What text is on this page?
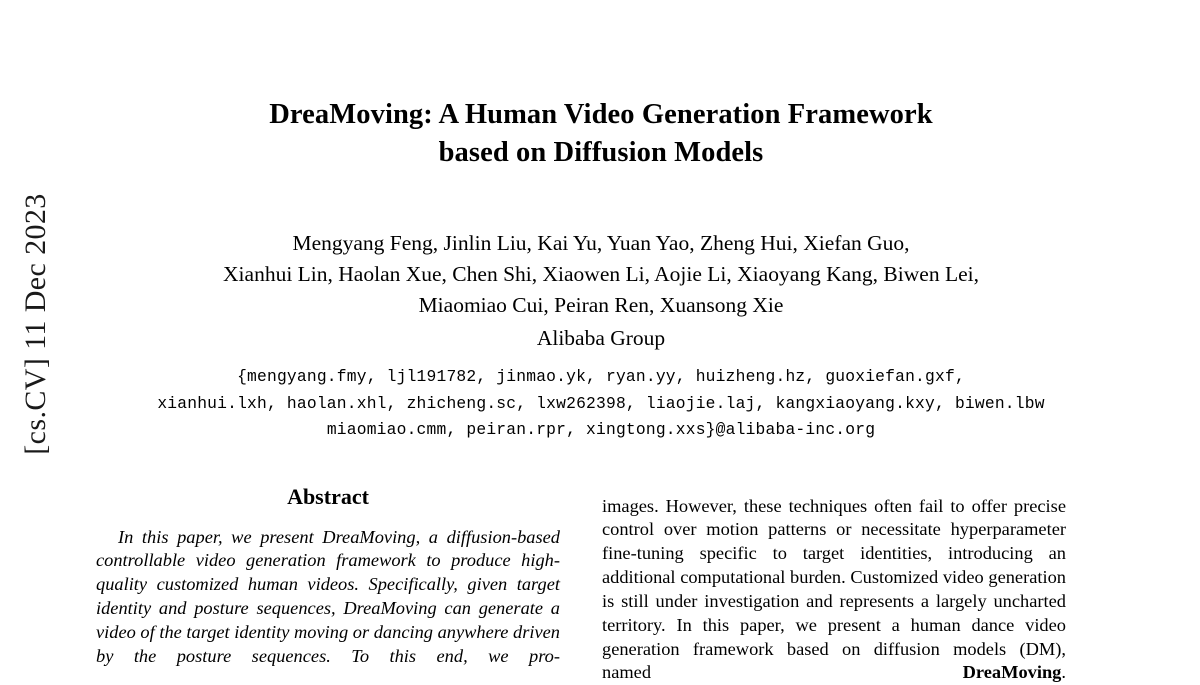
[cs.CV] 11 Dec 2023
DreaMoving: A Human Video Generation Framework
based on Diffusion Models
Mengyang Feng, Jinlin Liu, Kai Yu, Yuan Yao, Zheng Hui, Xiefan Guo,
Xianhui Lin, Haolan Xue, Chen Shi, Xiaowen Li, Aojie Li, Xiaoyang Kang, Biwen Lei,
Miaomiao Cui, Peiran Ren, Xuansong Xie
Alibaba Group
{mengyang.fmy, ljl191782, jinmao.yk, ryan.yy, huizheng.hz, guoxiefan.gxf,
xianhui.lxh, haolan.xhl, zhicheng.sc, lxw262398, liaojie.laj, kangxiaoyang.kxy, biwen.lbw
miaomiao.cmm, peiran.rpr, xingtong.xxs}@alibaba-inc.org
Abstract
In this paper, we present DreaMoving, a diffusion-based controllable video generation framework to produce high-quality customized human videos. Specifically, given target identity and posture sequences, DreaMoving can generate a video of the target identity moving or dancing anywhere driven by the posture sequences. To this end, we pro-
images. However, these techniques often fail to offer precise control over motion patterns or necessitate hyperparameter fine-tuning specific to target identities, introducing an additional computational burden. Customized video generation is still under investigation and represents a largely uncharted territory. In this paper, we present a human dance video generation framework based on diffusion models (DM), named DreaMoving.
